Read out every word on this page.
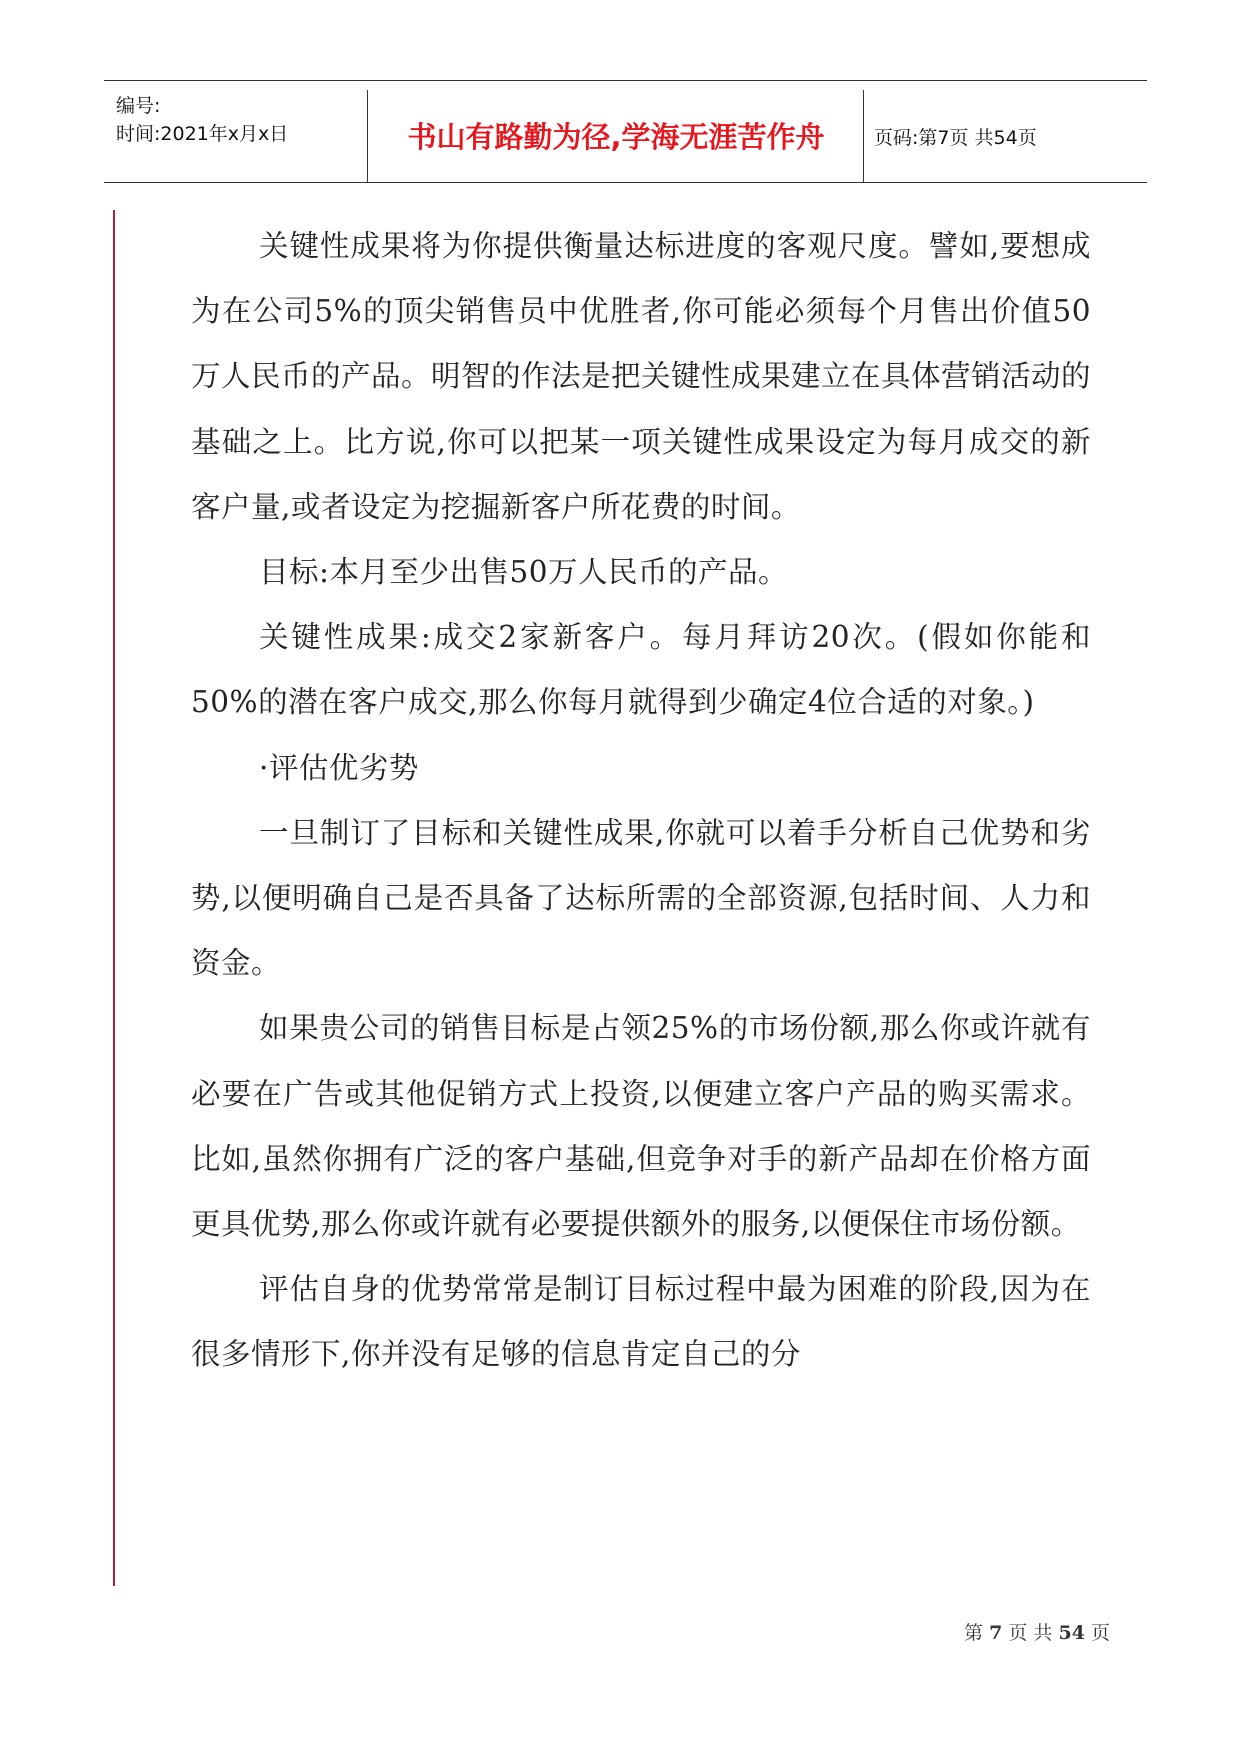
编号:
时间:2021年x月x日	书山有路勤为径,学海无涯苦作舟	页码:第7页 共54页

关键性成果将为你提供衡量达标进度的客观尺度。譬如,要想成为在公司5%的顶尖销售员中优胜者,你可能必须每个月售出价值50万人民币的产品。明智的作法是把关键性成果建立在具体营销活动的基础之上。比方说,你可以把某一项关键性成果设定为每月成交的新客户量,或者设定为挖掘新客户所花费的时间。

目标:本月至少出售50万人民币的产品。

关键性成果:成交2家新客户。每月拜访20次。(假如你能和50%的潜在客户成交,那么你每月就得到少确定4位合适的对象。)

·评估优劣势

一旦制订了目标和关键性成果,你就可以着手分析自己优势和劣势,以便明确自己是否具备了达标所需的全部资源,包括时间、人力和资金。

如果贵公司的销售目标是占领25%的市场份额,那么你或许就有必要在广告或其他促销方式上投资,以便建立客户产品的购买需求。比如,虽然你拥有广泛的客户基础,但竞争对手的新产品却在价格方面更具优势,那么你或许就有必要提供额外的服务,以便保住市场份额。

评估自身的优势常常是制订目标过程中最为困难的阶段,因为在很多情形下,你并没有足够的信息肯定自己的分

第 7 页 共 54 页
